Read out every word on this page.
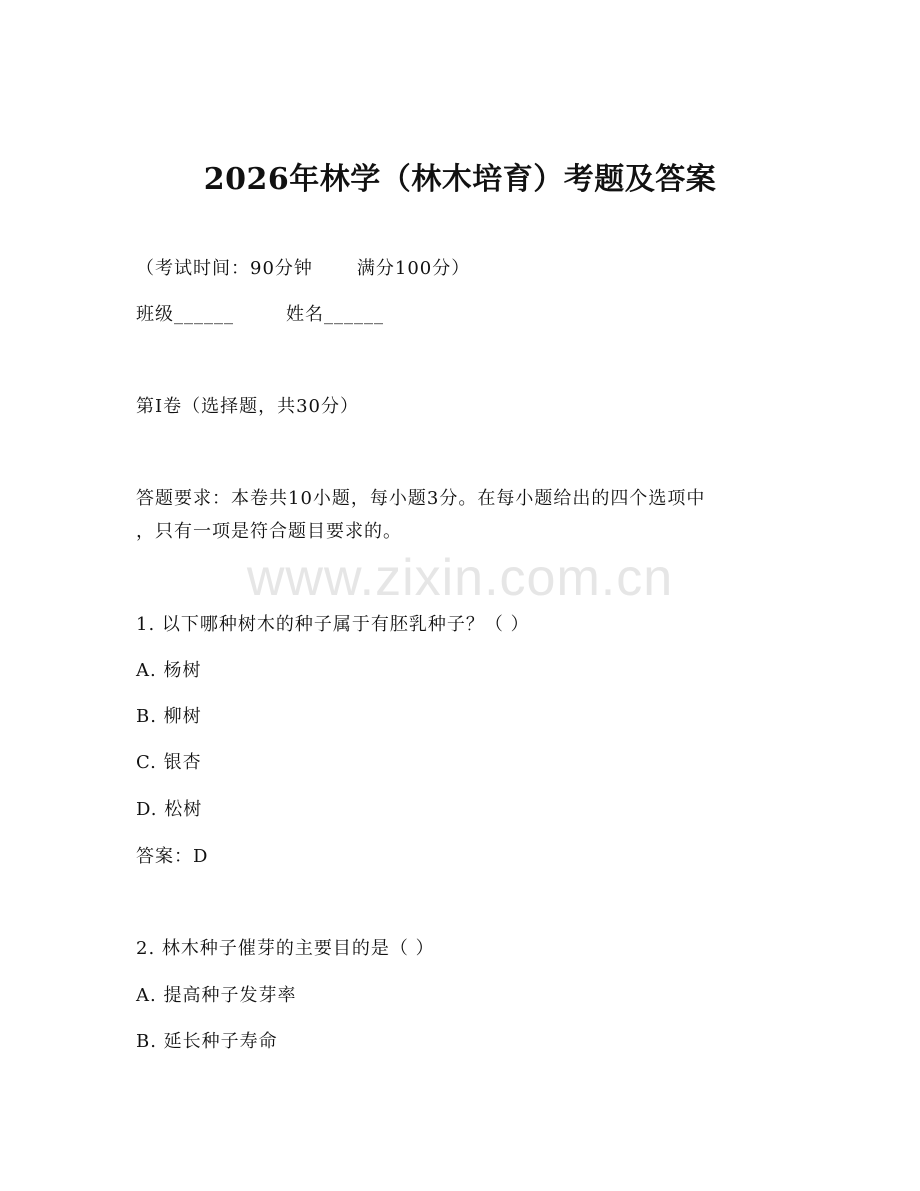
www.zixin.com.cn
2026年林学（林木培育）考题及答案
（考试时间：90分钟 满分100分）
班级______	姓名______
第I卷（选择题，共30分）
答题要求：本卷共10小题，每小题3分。在每小题给出的四个选项中
，只有一项是符合题目要求的。
1. 以下哪种树木的种子属于有胚乳种子？（ ）
A. 杨树
B. 柳树
C. 银杏
D. 松树
答案：D
2. 林木种子催芽的主要目的是（ ）
A. 提高种子发芽率
B. 延长种子寿命
